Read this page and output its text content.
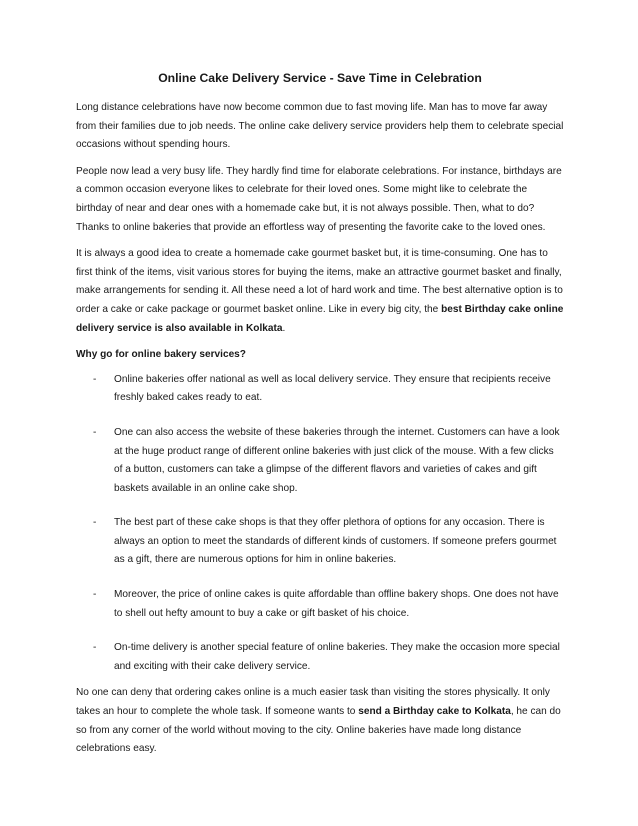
Online Cake Delivery Service - Save Time in Celebration

Long distance celebrations have now become common due to fast moving life. Man has to move far away from their families due to job needs. The online cake delivery service providers help them to celebrate special occasions without spending hours.

People now lead a very busy life. They hardly find time for elaborate celebrations. For instance, birthdays are a common occasion everyone likes to celebrate for their loved ones. Some might like to celebrate the birthday of near and dear ones with a homemade cake but, it is not always possible. Then, what to do? Thanks to online bakeries that provide an effortless way of presenting the favorite cake to the loved ones.

It is always a good idea to create a homemade cake gourmet basket but, it is time-consuming. One has to first think of the items, visit various stores for buying the items, make an attractive gourmet basket and finally, make arrangements for sending it. All these need a lot of hard work and time. The best alternative option is to order a cake or cake package or gourmet basket online. Like in every big city, the best Birthday cake online delivery service is also available in Kolkata.

Why go for online bakery services?
- Online bakeries offer national as well as local delivery service. They ensure that recipients receive freshly baked cakes ready to eat.
- One can also access the website of these bakeries through the internet. Customers can have a look at the huge product range of different online bakeries with just click of the mouse. With a few clicks of a button, customers can take a glimpse of the different flavors and varieties of cakes and gift baskets available in an online cake shop.
- The best part of these cake shops is that they offer plethora of options for any occasion. There is always an option to meet the standards of different kinds of customers. If someone prefers gourmet as a gift, there are numerous options for him in online bakeries.
- Moreover, the price of online cakes is quite affordable than offline bakery shops. One does not have to shell out hefty amount to buy a cake or gift basket of his choice.
- On-time delivery is another special feature of online bakeries. They make the occasion more special and exciting with their cake delivery service.

No one can deny that ordering cakes online is a much easier task than visiting the stores physically. It only takes an hour to complete the whole task. If someone wants to send a Birthday cake to Kolkata, he can do so from any corner of the world without moving to the city. Online bakeries have made long distance celebrations easy.
